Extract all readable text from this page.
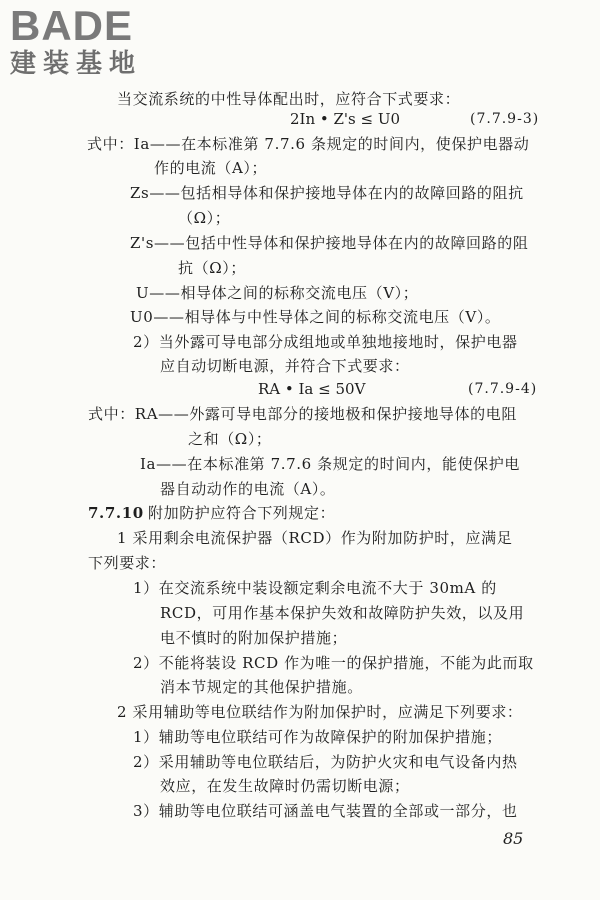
BADE
建装基地
当交流系统的中性导体配出时，应符合下式要求：
2In • Z's ≤ U0	(7.7.9-3)
式中：Ia——在本标准第 7.7.6 条规定的时间内，使保护电器动
作的电流（A）；
Zs——包括相导体和保护接地导体在内的故障回路的阻抗
（Ω）；
Z's——包括中性导体和保护接地导体在内的故障回路的阻
抗（Ω）；
U——相导体之间的标称交流电压（V）；
U0——相导体与中性导体之间的标称交流电压（V）。
2）当外露可导电部分成组地或单独地接地时，保护电器
应自动切断电源，并符合下式要求：
RA • Ia ≤ 50V	(7.7.9-4)
式中：RA——外露可导电部分的接地极和保护接地导体的电阻
之和（Ω）；
Ia——在本标准第 7.7.6 条规定的时间内，能使保护电
器自动动作的电流（A）。
7.7.10 附加防护应符合下列规定：
1 采用剩余电流保护器（RCD）作为附加防护时，应满足
下列要求：
1）在交流系统中装设额定剩余电流不大于 30mA 的
RCD，可用作基本保护失效和故障防护失效，以及用
电不慎时的附加保护措施；
2）不能将装设 RCD 作为唯一的保护措施，不能为此而取
消本节规定的其他保护措施。
2 采用辅助等电位联结作为附加保护时，应满足下列要求：
1）辅助等电位联结可作为故障保护的附加保护措施；
2）采用辅助等电位联结后，为防护火灾和电气设备内热
效应，在发生故障时仍需切断电源；
3）辅助等电位联结可涵盖电气装置的全部或一部分，也
85
